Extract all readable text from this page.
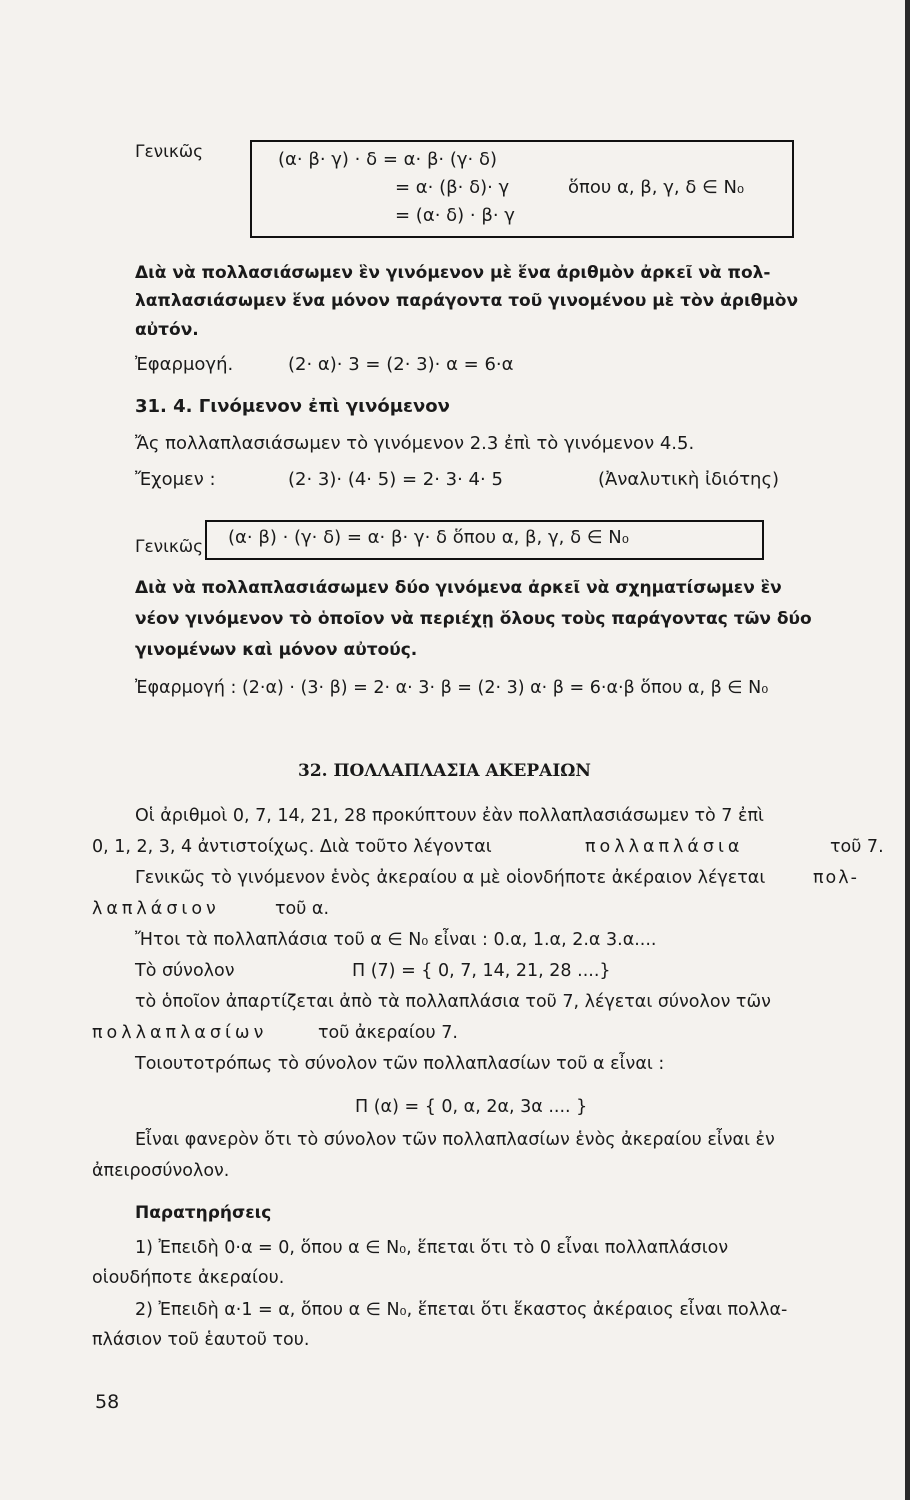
Γενικῶς	(α· β· γ) · δ = α· β· (γ· δ)
= α· (β· δ)· γ	ὅπου α, β, γ, δ ∈ N₀
= (α· δ) · β· γ
Διὰ νὰ πολλασιάσωμεν ἓν γινόμενον μὲ ἕνα ἀριθμὸν ἀρκεῖ νὰ πολ-
λαπλασιάσωμεν ἕνα μόνον παράγοντα τοῦ γινομένου μὲ τὸν ἀριθμὸν
αὐτόν.
Ἐφαρμογή.	(2· α)· 3 = (2· 3)· α = 6·α
31. 4. Γινόμενον ἐπὶ γινόμενον
Ἄς πολλαπλασιάσωμεν τὸ γινόμενον 2.3 ἐπὶ τὸ γινόμενον 4.5.
Ἔχομεν :	(2· 3)· (4· 5) = 2· 3· 4· 5	(Ἀναλυτικὴ ἰδιότης)
Γενικῶς (α· β) · (γ· δ) = α· β· γ· δ ὅπου α, β, γ, δ ∈ N₀
Διὰ νὰ πολλαπλασιάσωμεν δύο γινόμενα ἀρκεῖ νὰ σχηματίσωμεν ἓν
νέον γινόμενον τὸ ὁποῖον νὰ περιέχῃ ὅλους τοὺς παράγοντας τῶν δύο
γινομένων καὶ μόνον αὐτούς.
Ἐφαρμογή : (2·α) · (3· β) = 2· α· 3· β = (2· 3) α· β = 6·α·β ὅπου α, β ∈ N₀
32. ΠΟΛΛΑΠΛΑΣΙΑ ΑΚΕΡΑΙΩΝ
Οἱ ἀριθμοὶ 0, 7, 14, 21, 28 προκύπτουν ἐὰν πολλαπλασιάσωμεν τὸ 7 ἐπὶ
0, 1, 2, 3, 4 ἀντιστοίχως. Διὰ τοῦτο λέγονται	πολλαπλάσια	τοῦ 7.
Γενικῶς τὸ γινόμενον ἑνὸς ἀκεραίου α μὲ οἱονδήποτε ἀκέραιον λέγεται	πολ-
λαπλάσιον	τοῦ α.
Ἤτοι τὰ πολλαπλάσια τοῦ α ∈ N₀ εἶναι : 0.α, 1.α, 2.α 3.α....
Τὸ σύνολον	Π (7) = { 0, 7, 14, 21, 28 ....}
τὸ ὁποῖον ἀπαρτίζεται ἀπὸ τὰ πολλαπλάσια τοῦ 7, λέγεται σύνολον τῶν
πολλαπλασίων	τοῦ ἀκεραίου 7.
Τοιουτοτρόπως τὸ σύνολον τῶν πολλαπλασίων τοῦ α εἶναι :
Π (α) = { 0, α, 2α, 3α .... }
Εἶναι φανερὸν ὅτι τὸ σύνολον τῶν πολλαπλασίων ἑνὸς ἀκεραίου εἶναι ἐν
ἀπειροσύνολον.
Παρατηρήσεις
1) Ἐπειδὴ 0·α = 0, ὅπου α ∈ N₀, ἕπεται ὅτι τὸ 0 εἶναι πολλαπλάσιον
οἱουδήποτε ἀκεραίου.
2) Ἐπειδὴ α·1 = α, ὅπου α ∈ N₀, ἕπεται ὅτι ἕκαστος ἀκέραιος εἶναι πολλα-
πλάσιον τοῦ ἑαυτοῦ του.
58
